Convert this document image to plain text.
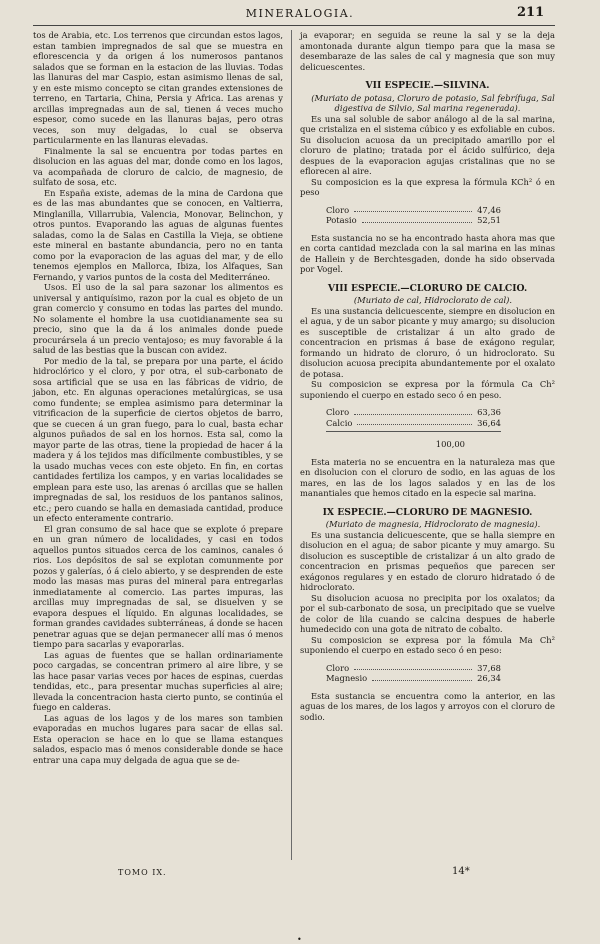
MINERALOGIA.	211

tos de Arabia, etc. Los terrenos que circundan estos lagos, estan tambien impregnados de sal que se muestra en eflorescencia y da origen á los numerosos pantanos salados que se forman en la estacion de las lluvias. Todas las llanuras del mar Caspio, estan asimismo llenas de sal, y en este mismo concepto se citan grandes extensiones de terreno, en Tartaria, China, Persia y Africa. Las arenas y arcillas impregnadas aun de sal, tienen á veces mucho espesor, como sucede en las llanuras bajas, pero otras veces, son muy delgadas, lo cual se observa particularmente en las llanuras elevadas.

Finalmente la sal se encuentra por todas partes en disolucion en las aguas del mar, donde como en los lagos, va acompañada de cloruro de calcio, de magnesio, de sulfato de sosa, etc.

En España existe, ademas de la mina de Cardona que es de las mas abundantes que se conocen, en Valtierra, Minglanilla, Villarrubia, Valencia, Monovar, Belinchon, y otros puntos. Evaporando las aguas de algunas fuentes saladas, como la de Salas en Castilla la Vieja, se obtiene este mineral en bastante abundancia, pero no en tanta como por la evaporacion de las aguas del mar, y de ello tenemos ejemplos en Mallorca, Ibiza, los Alfaques, San Fernando, y varios puntos de la costa del Mediterráneo.

Usos. El uso de la sal para sazonar los alimentos es universal y antiquísimo, razon por la cual es objeto de un gran comercio y consumo en todas las partes del mundo. No solamente el hombre la usa cuotidianamente sea su precio, sino que la da á los animales donde puede procurársela á un precio ventajoso; es muy favorable á la salud de las bestias que la buscan con avidez.

Por medio de la tal, se prepara por una parte, el ácido hidroclórico y el cloro, y por otra, el sub-carbonato de sosa artificial que se usa en las fábricas de vidrio, de jabon, etc. En algunas operaciones metalúrgicas, se usa como fundente; se emplea asimismo para determinar la vitrificacion de la superficie de ciertos objetos de barro, que se cuecen á un gran fuego, para lo cual, basta echar algunos puñados de sal en los hornos. Esta sal, como la mayor parte de las otras, tiene la propiedad de hacer á la madera y á los tejidos mas difícilmente combustibles, y se la usado muchas veces con este objeto. En fin, en cortas cantidades fertiliza los campos, y en varias localidades se emplean para este uso, las arenas ó arcillas que se hallen impregnadas de sal, los residuos de los pantanos salinos, etc.; pero cuando se halla en demasiada cantidad, produce un efecto enteramente contrario.

El gran consumo de sal hace que se explote ó prepare en un gran número de localidades, y casi en todos aquellos puntos situados cerca de los caminos, canales ó rios. Los depósitos de sal se explotan comunmente por pozos y galerías, ó á cielo abierto, y se desprenden de este modo las masas mas puras del mineral para entregarlas inmediatamente al comercio. Las partes impuras, las arcillas muy impregnadas de sal, se disuelven y se evapora despues el líquido. En algunas localidades, se forman grandes cavidades subterráneas, á donde se hacen penetrar aguas que se dejan permanecer allí mas ó menos tiempo para sacarlas y evaporarlas.

Las aguas de fuentes que se hallan ordinariamente poco cargadas, se concentran primero al aire libre, y se las hace pasar varias veces por haces de espinas, cuerdas tendidas, etc., para presentar muchas superficies al aire; llevada la concentracion hasta cierto punto, se continúa el fuego en calderas.

Las aguas de los lagos y de los mares son tambien evaporadas en muchos lugares para sacar de ellas sal. Esta operacion se hace en lo que se llama estanques salados, espacio mas ó menos considerable donde se hace entrar una capa muy delgada de agua que se de-

ja evaporar; en seguida se reune la sal y se la deja amontonada durante algun tiempo para que la masa se desembaraze de las sales de cal y magnesia que son muy delicuescentes.

VII ESPECIE.—SILVINA.

(Muriato de potasa, Cloruro de potasio, Sal febrífuga, Sal digestiva de Silvio, Sal marina regenerada).

Es una sal soluble de sabor análogo al de la sal marina, que cristaliza en el sistema cúbico y es exfoliable en cubos. Su disolucion acuosa da un precipitado amarillo por el cloruro de platino; tratada por el ácido sulfúrico, deja despues de la evaporacion agujas cristalinas que no se eflorecen al aire.

Su composicion es la que expresa la fórmula KCh² ó en peso

Cloro	47,46
Potasio	52,51

Esta sustancia no se ha encontrado hasta ahora mas que en corta cantidad mezclada con la sal marina en las minas de Hallein y de Berchtesgaden, donde ha sido observada por Vogel.

VIII ESPECIE.—CLORURO DE CALCIO.

(Muriato de cal, Hidroclorato de cal).

Es una sustancia delicuescente, siempre en disolucion en el agua, y de un sabor picante y muy amargo; su disolucion es susceptible de cristalizar á un alto grado de concentracion en prismas á base de exágono regular, formando un hidrato de cloruro, ó un hidroclorato. Su disolucion acuosa precipita abundantemente por el oxalato de potasa.

Su composicion se expresa por la fórmula Ca Ch² suponiendo el cuerpo en estado seco ó en peso.

Cloro	63,36
Calcio	36,64
100,00

Esta materia no se encuentra en la naturaleza mas que en disolucion con el cloruro de sodio, en las aguas de los mares, en las de los lagos salados y en las de los manantiales que hemos citado en la especie sal marina.

IX ESPECIE.—CLORURO DE MAGNESIO.

(Muriato de magnesia, Hidroclorato de magnesia).

Es una sustancia delicuescente, que se halla siempre en disolucion en el agua; de sabor picante y muy amargo. Su disolucion es susceptible de cristalizar á un alto grado de concentracion en prismas pequeños que parecen ser exágonos regulares y en estado de cloruro hidratado ó de hidroclorato.

Su disolucion acuosa no precipita por los oxalatos; da por el sub-carbonato de sosa, un precipitado que se vuelve de color de lila cuando se calcina despues de haberle humedecido con una gota de nitrato de cobalto.

Su composicion se expresa por la fómula Ma Ch² suponiendo el cuerpo en estado seco ó en peso:

Cloro	37,68
Magnesio	26,34

Esta sustancia se encuentra como la anterior, en las aguas de los mares, de los lagos y arroyos con el cloruro de sodio.

TOMO IX.	14*
•
